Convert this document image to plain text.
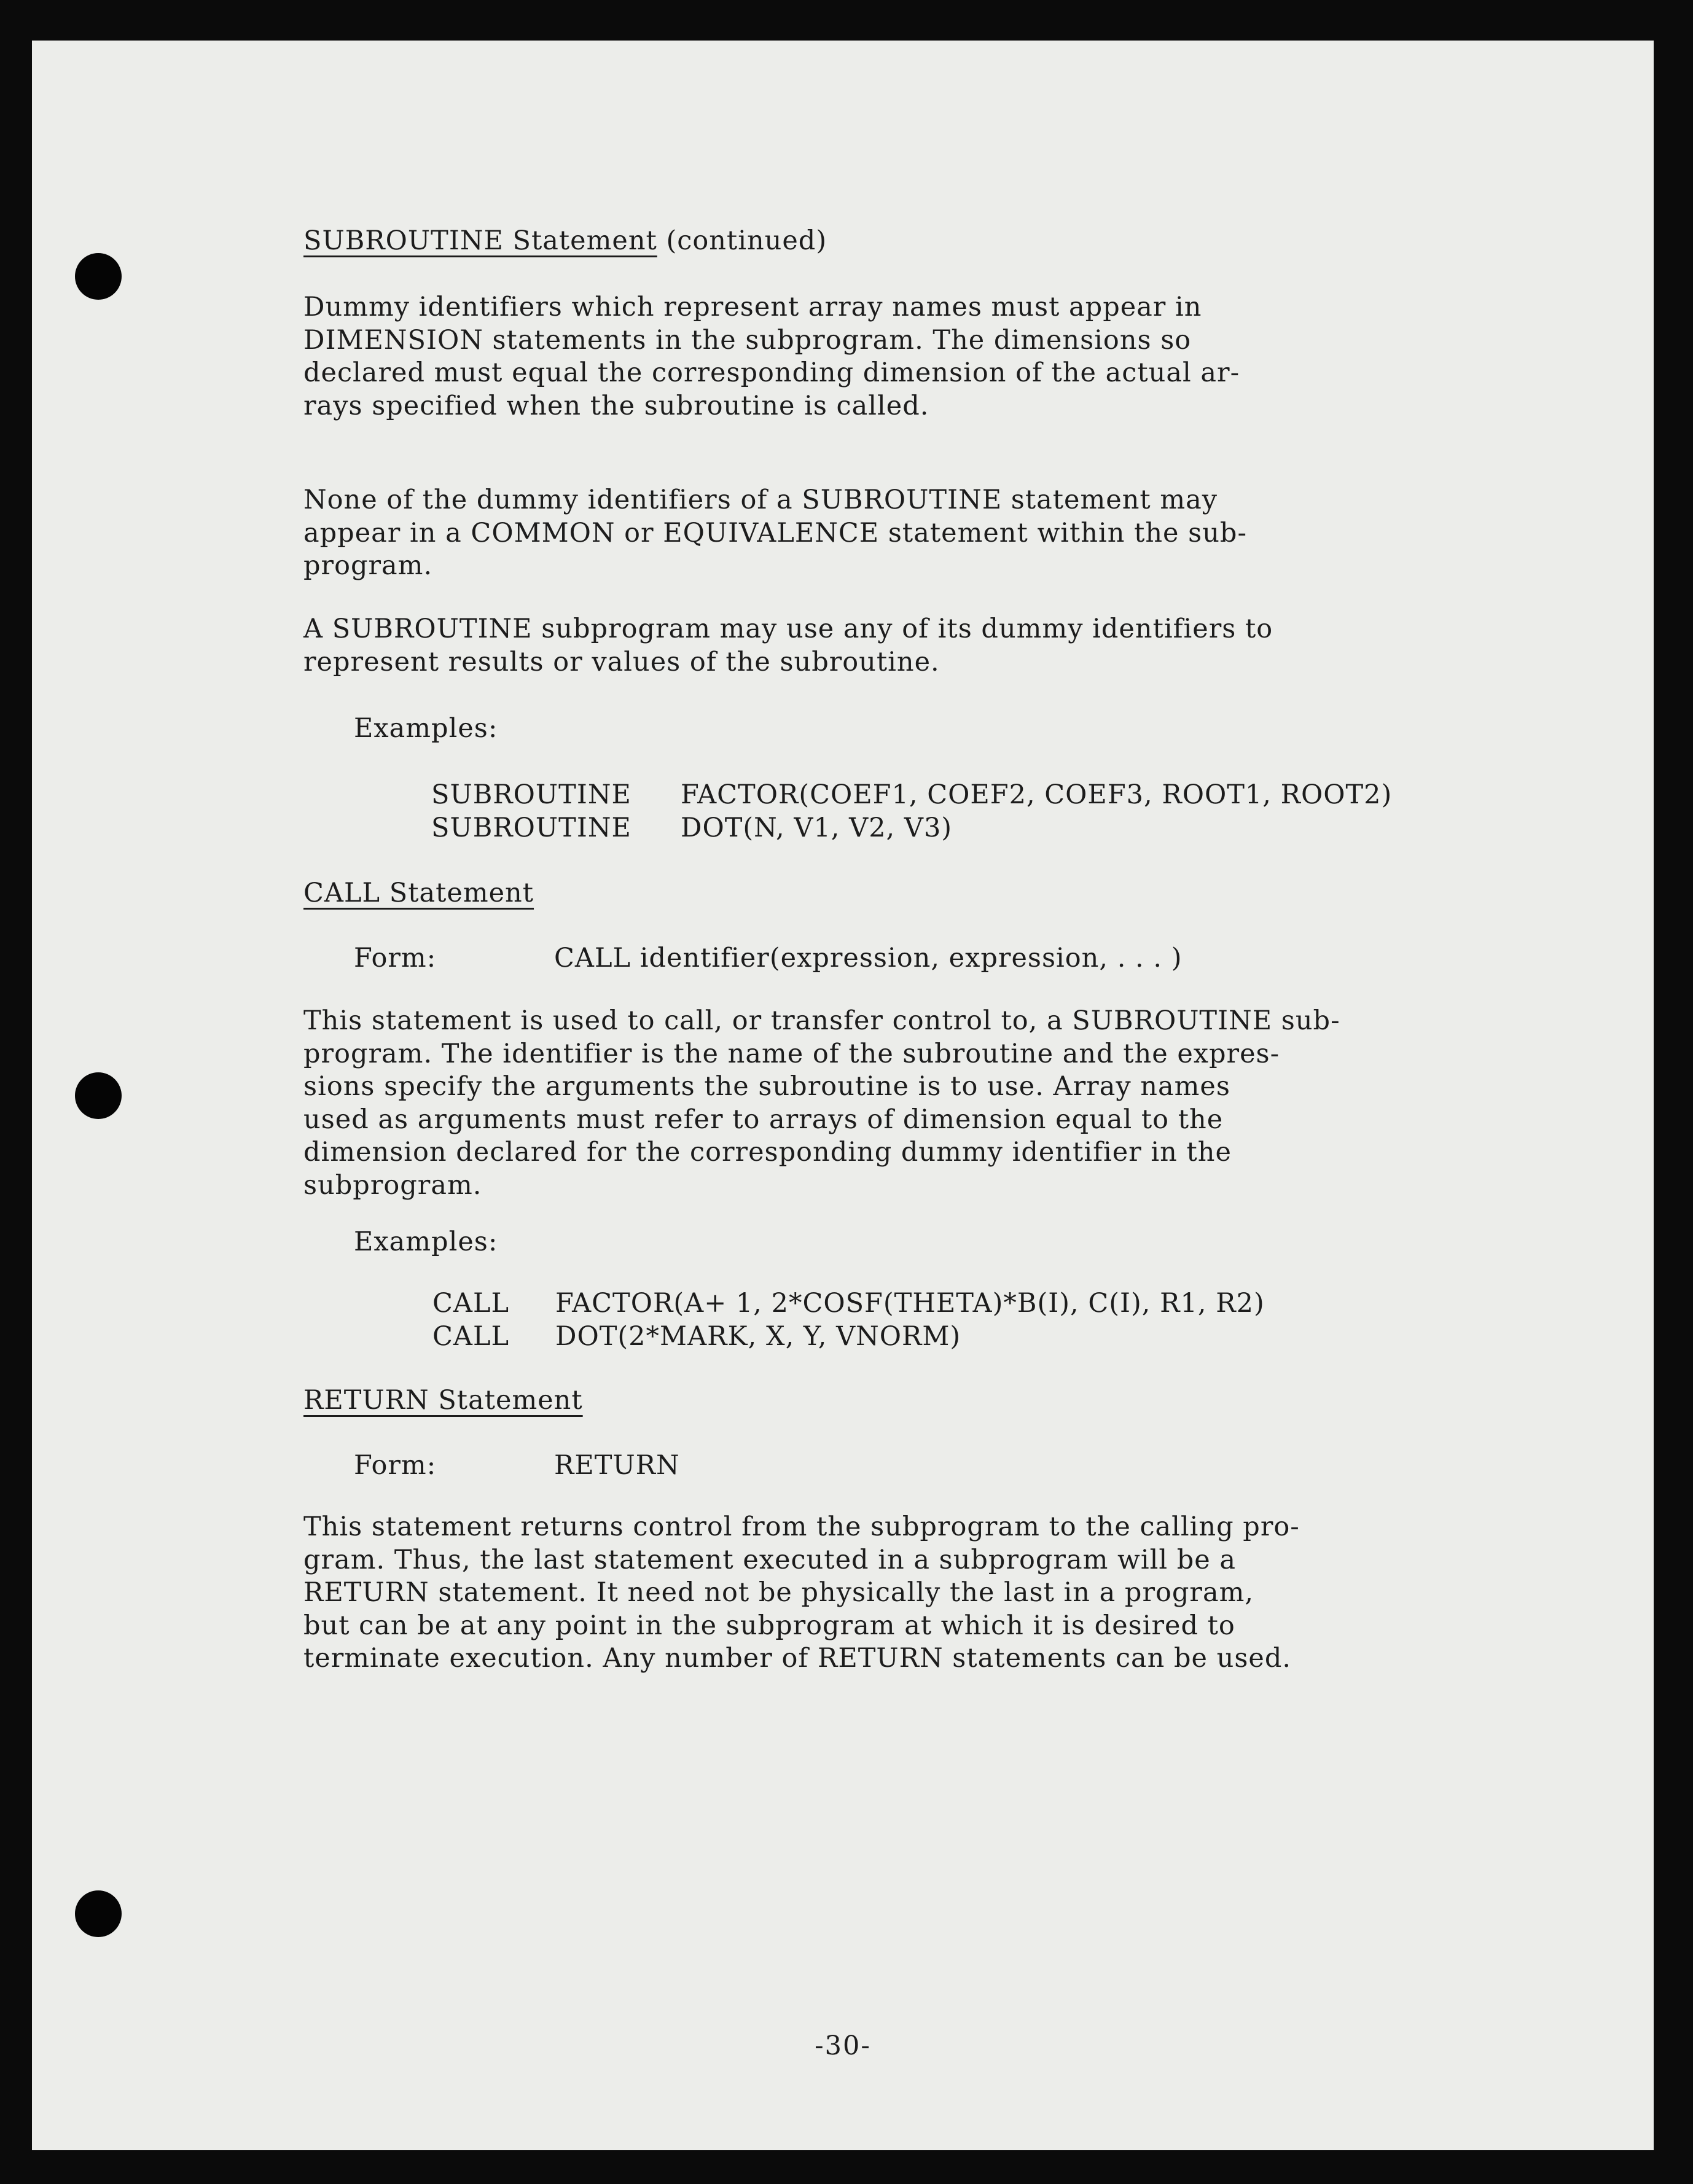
SUBROUTINE Statement (continued)
Dummy identifiers which represent array names must appear in
DIMENSION statements in the subprogram. The dimensions so
declared must equal the corresponding dimension of the actual ar-
rays specified when the subroutine is called.
None of the dummy identifiers of a SUBROUTINE statement may
appear in a COMMON or EQUIVALENCE statement within the sub-
program.
A SUBROUTINE subprogram may use any of its dummy identifiers to
represent results or values of the subroutine.
Examples:
SUBROUTINE FACTOR(COEF1, COEF2, COEF3, ROOT1, ROOT2)
SUBROUTINE DOT(N, V1, V2, V3)
CALL Statement
Form:	CALL identifier(expression, expression, . . . )
This statement is used to call, or transfer control to, a SUBROUTINE sub-
program. The identifier is the name of the subroutine and the expres-
sions specify the arguments the subroutine is to use. Array names
used as arguments must refer to arrays of dimension equal to the
dimension declared for the corresponding dummy identifier in the
subprogram.
Examples:
CALL FACTOR(A+ 1, 2*COSF(THETA)*B(I), C(I), R1, R2)
CALL DOT(2*MARK, X, Y, VNORM)
RETURN Statement
Form:	RETURN
This statement returns control from the subprogram to the calling pro-
gram. Thus, the last statement executed in a subprogram will be a
RETURN statement. It need not be physically the last in a program,
but can be at any point in the subprogram at which it is desired to
terminate execution. Any number of RETURN statements can be used.
-30-
